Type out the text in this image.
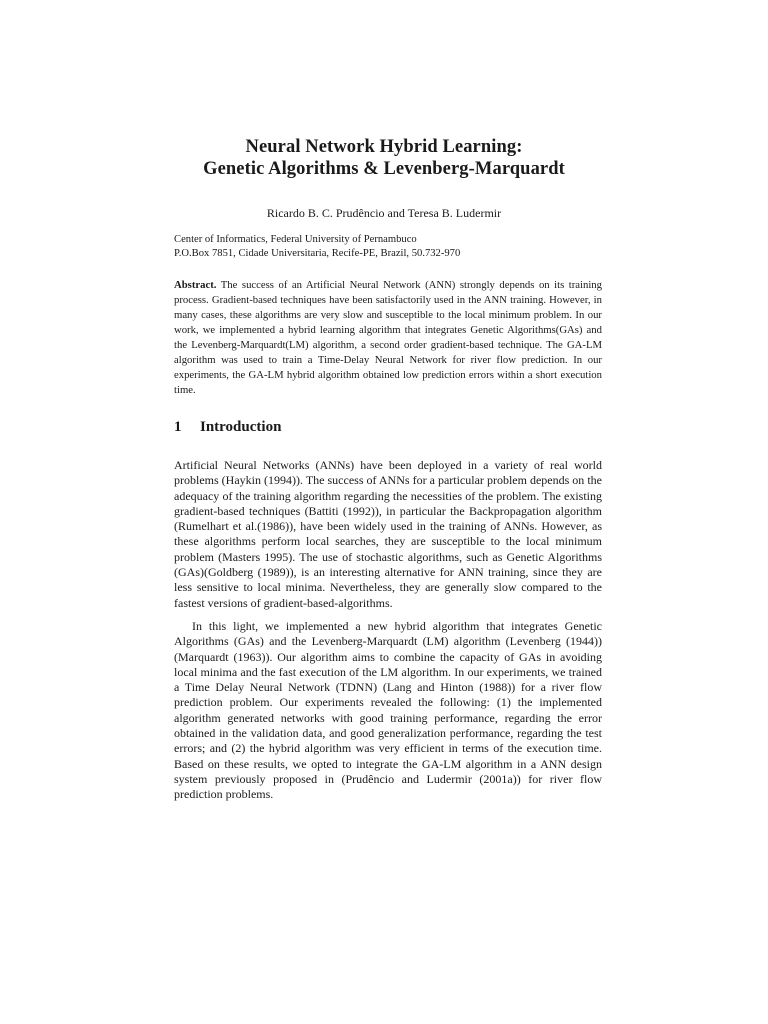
Neural Network Hybrid Learning:
Genetic Algorithms & Levenberg-Marquardt
Ricardo B. C. Prudêncio and Teresa B. Ludermir
Center of Informatics, Federal University of Pernambuco
P.O.Box 7851, Cidade Universitaria, Recife-PE, Brazil, 50.732-970
Abstract. The success of an Artificial Neural Network (ANN) strongly depends on its training process. Gradient-based techniques have been satisfactorily used in the ANN training. However, in many cases, these algorithms are very slow and susceptible to the local minimum problem. In our work, we implemented a hybrid learning algorithm that integrates Genetic Algorithms(GAs) and the Levenberg-Marquardt(LM) algorithm, a second order gradient-based technique. The GA-LM algorithm was used to train a Time-Delay Neural Network for river flow prediction. In our experiments, the GA-LM hybrid algorithm obtained low prediction errors within a short execution time.
1 Introduction

Artificial Neural Networks (ANNs) have been deployed in a variety of real world problems (Haykin (1994)). The success of ANNs for a particular problem depends on the adequacy of the training algorithm regarding the necessities of the problem. The existing gradient-based techniques (Battiti (1992)), in particular the Backpropagation algorithm (Rumelhart et al.(1986)), have been widely used in the training of ANNs. However, as these algorithms perform local searches, they are susceptible to the local minimum problem (Masters 1995). The use of stochastic algorithms, such as Genetic Algorithms (GAs)(Goldberg (1989)), is an interesting alternative for ANN training, since they are less sensitive to local minima. Nevertheless, they are generally slow compared to the fastest versions of gradient-based-algorithms.

In this light, we implemented a new hybrid algorithm that integrates Genetic Algorithms (GAs) and the Levenberg-Marquardt (LM) algorithm (Levenberg (1944))(Marquardt (1963)). Our algorithm aims to combine the capacity of GAs in avoiding local minima and the fast execution of the LM algorithm. In our experiments, we trained a Time Delay Neural Network (TDNN) (Lang and Hinton (1988)) for a river flow prediction problem. Our experiments revealed the following: (1) the implemented algorithm generated networks with good training performance, regarding the error obtained in the validation data, and good generalization performance, regarding the test errors; and (2) the hybrid algorithm was very efficient in terms of the execution time. Based on these results, we opted to integrate the GA-LM algorithm in a ANN design system previously proposed in (Prudêncio and Ludermir (2001a)) for river flow prediction problems.
